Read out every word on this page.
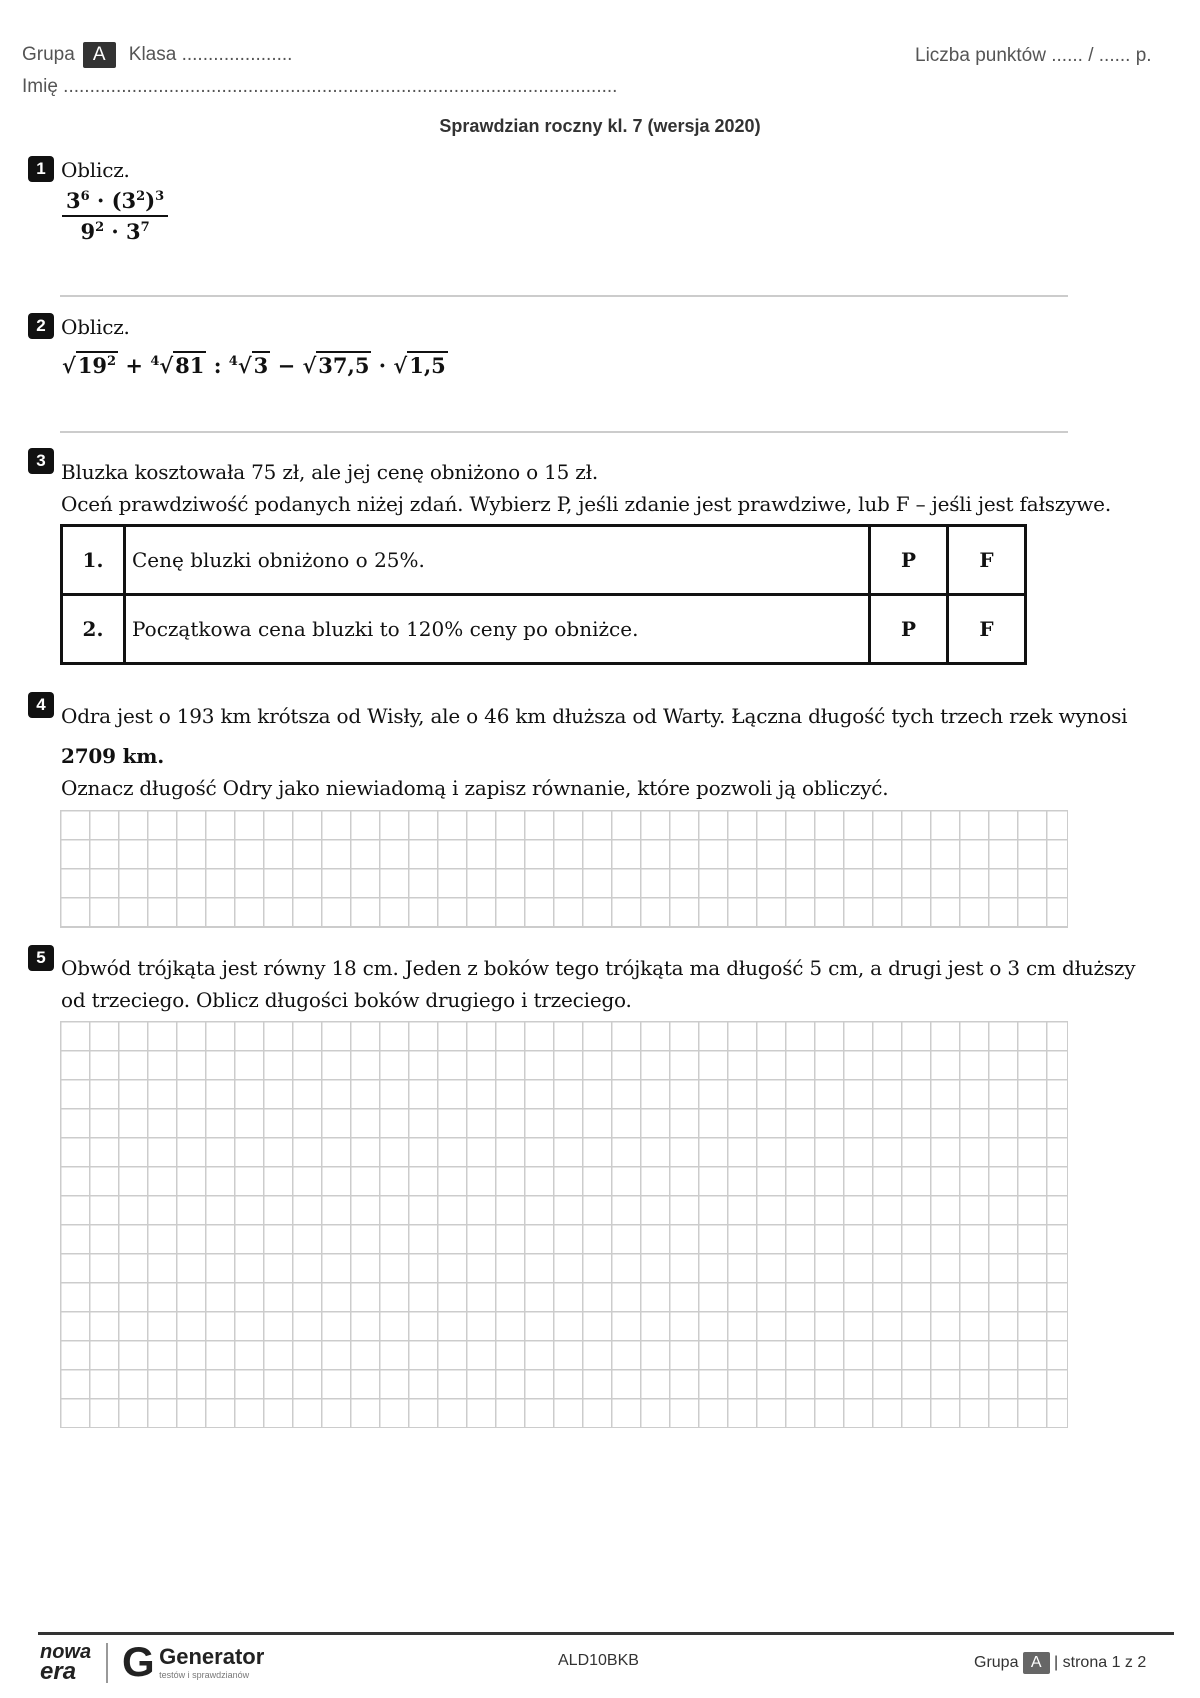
Grupa A Klasa .....................	Liczba punktów ...... / ...... p.
Imię .........................................................................................................
Sprawdzian roczny kl. 7 (wersja 2020)
1 Oblicz.
$\frac{3^6 \cdot (3^2)^3}{9^2 \cdot 3^7}$
2 Oblicz.
$√19^2 + ^4√81$ : $^4$√3 − √37,5 · √1,5
3 Bluzka kosztowała 75 zł, ale jej cenę obniżono o 15 zł.
Oceń prawdziwość podanych niżej zdań. Wybierz P, jeśli zdanie jest prawdziwe, lub F – jeśli jest fałszywe.
1.	Cenę bluzki obniżono o 25%.	P	F
2.	Początkowa cena bluzki to 120% ceny po obniżce.	P	F
4 Odra jest o 193 km krótsza od Wisły, ale o 46 km dłuższa od Warty. Łączna długość tych trzech rzek wynosi
2709 km.
Oznacz długość Odry jako niewiadomą i zapisz równanie, które pozwoli ją obliczyć.
5 Obwód trójkąta jest równy 18 cm. Jeden z boków tego trójkąta ma długość 5 cm, a drugi jest o 3 cm dłuższy
od trzeciego. Oblicz długości boków drugiego i trzeciego.
nowa
era	G Generator
testów i sprawdzianów
ALD10BKB	Grupa A | strona 1 z 2
